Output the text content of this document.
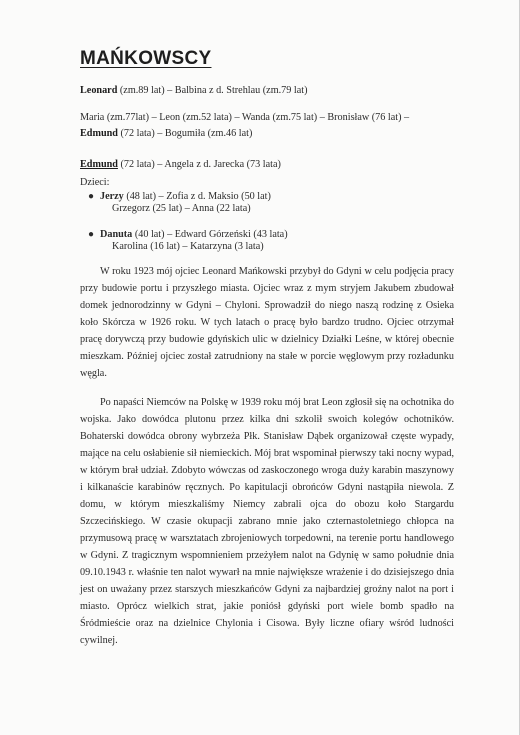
MAŃKOWSCY
Leonard (zm.89 lat) – Balbina z d. Strehlau (zm.79 lat)
Maria (zm.77lat) – Leon (zm.52 lata) – Wanda (zm.75 lat) – Bronisław (76 lat) –
Edmund (72 lata) – Bogumiła (zm.46 lat)
Edmund (72 lata) – Angela z d. Jarecka (73 lata)
Dzieci:
● Jerzy (48 lat) – Zofia z d. Maksio (50 lat)
Grzegorz (25 lat) – Anna (22 lata)
● Danuta (40 lat) – Edward Górzeński (43 lata)
Karolina (16 lat) – Katarzyna (3 lata)

W roku 1923 mój ojciec Leonard Mańkowski przybył do Gdyni w celu podjęcia pracy przy budowie portu i przyszłego miasta. Ojciec wraz z mym stryjem Jakubem zbudował domek jednorodzinny w Gdyni – Chyloni. Sprowadził do niego naszą rodzinę z Osieka koło Skórcza w 1926 roku. W tych latach o pracę było bardzo trudno. Ojciec otrzymał pracę dorywczą przy budowie gdyńskich ulic w dzielnicy Działki Leśne, w której obecnie mieszkam. Później ojciec został zatrudniony na stałe w porcie węglowym przy rozładunku węgla.

Po napaści Niemców na Polskę w 1939 roku mój brat Leon zgłosił się na ochotnika do wojska. Jako dowódca plutonu przez kilka dni szkolił swoich kolegów ochotników. Bohaterski dowódca obrony wybrzeża Płk. Stanisław Dąbek organizował częste wypady, mające na celu osłabienie sił niemieckich. Mój brat wspominał pierwszy taki nocny wypad, w którym brał udział. Zdobyto wówczas od zaskoczonego wroga duży karabin maszynowy i kilkanaście karabinów ręcznych. Po kapitulacji obrońców Gdyni nastąpiła niewola. Z domu, w którym mieszkaliśmy Niemcy zabrali ojca do obozu koło Stargardu Szczecińskiego. W czasie okupacji zabrano mnie jako czternastoletniego chłopca na przymusową pracę w warsztatach zbrojeniowych torpedowni, na terenie portu handlowego w Gdyni. Z tragicznym wspomnieniem przeżyłem nalot na Gdynię w samo południe dnia 09.10.1943 r. właśnie ten nalot wywarł na mnie największe wrażenie i do dzisiejszego dnia jest on uważany przez starszych mieszkańców Gdyni za najbardziej groźny nalot na port i miasto. Oprócz wielkich strat, jakie poniósł gdyński port wiele bomb spadło na Śródmieście oraz na dzielnice Chylonia i Cisowa. Były liczne ofiary wśród ludności cywilnej.
